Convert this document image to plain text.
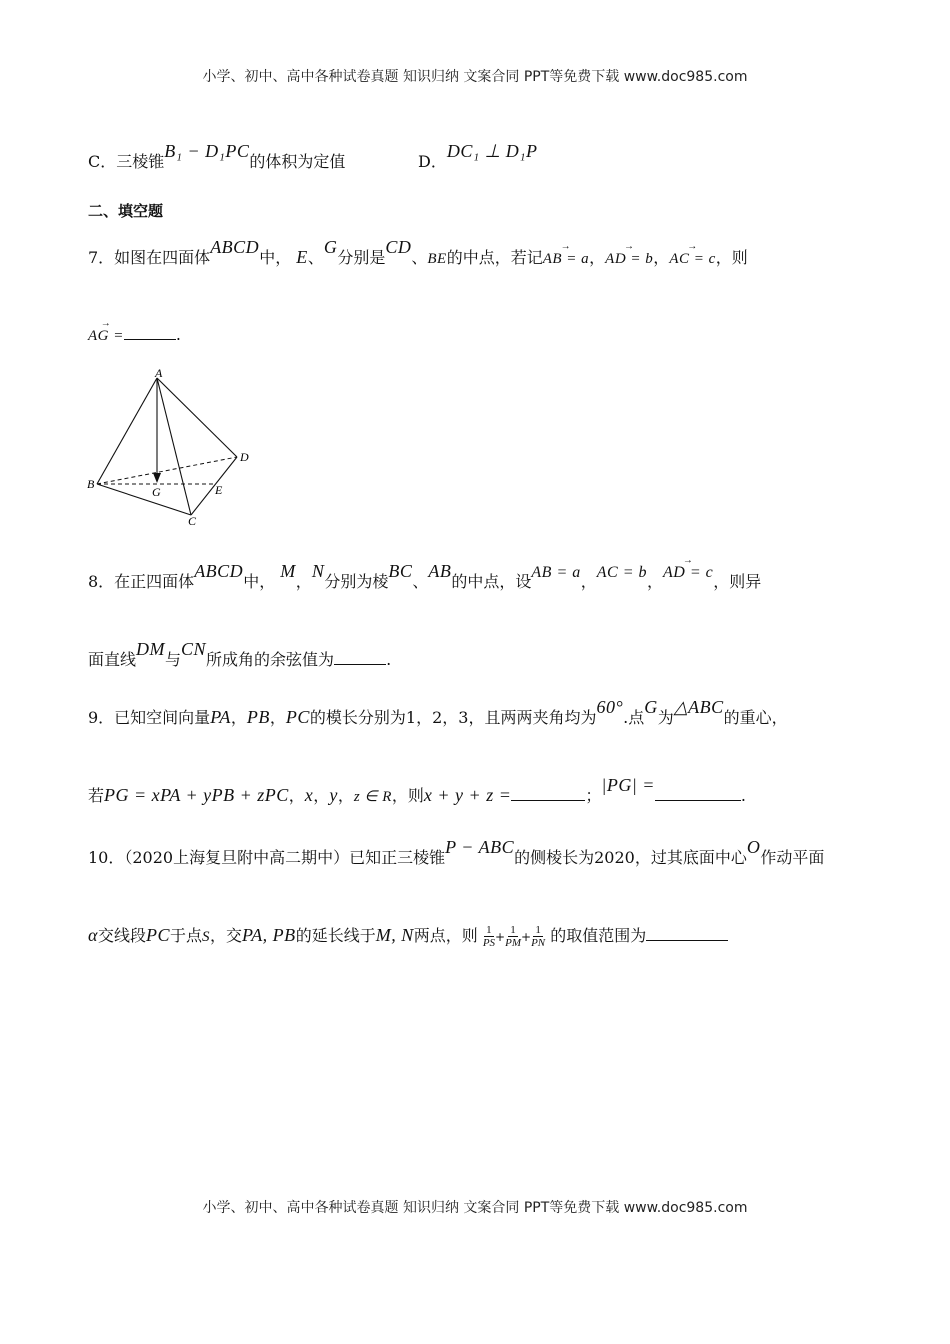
小学、初中、高中各种试卷真题 知识归纳 文案合同 PPT等免费下载 www.doc985.com
C．三棱锥B₁ − D₁PC的体积为定值	D．DC₁ ⊥ D₁P
二、填空题
7．如图在四面体ABCD中， E、G分别是CD、BE的中点，若记→ AB = a，→ AD = b，→ AC = c，则
→ AG =	.
A
B
C
D
E
G
8．在正四面体ABCD中， M，N分别为棱BC、AB的中点，设AB = a，AC = b，→ AD = c，则异
面直线DM与CN所成角的余弦值为	.
9．已知空间向量PA，PB，PC的模长分别为1，2，3，且两两夹角均为60°.点G为△ABC的重心，
若PG = xPA + yPB + zPC，x，y，z ∈ R，则x + y + z =	；|PG| =.
10．（2020上海复旦附中高二期中）已知正三棱锥P − ABC的侧棱长为2020，过其底面中心O作动平面
α交线段PC于点S，交PA, PB的延长线于M, N两点，则 $\frac{1}{PS} + \frac{1}{PM} + \frac{1}{PN}$ 的取值范围为
小学、初中、高中各种试卷真题 知识归纳 文案合同 PPT等免费下载 www.doc985.com
